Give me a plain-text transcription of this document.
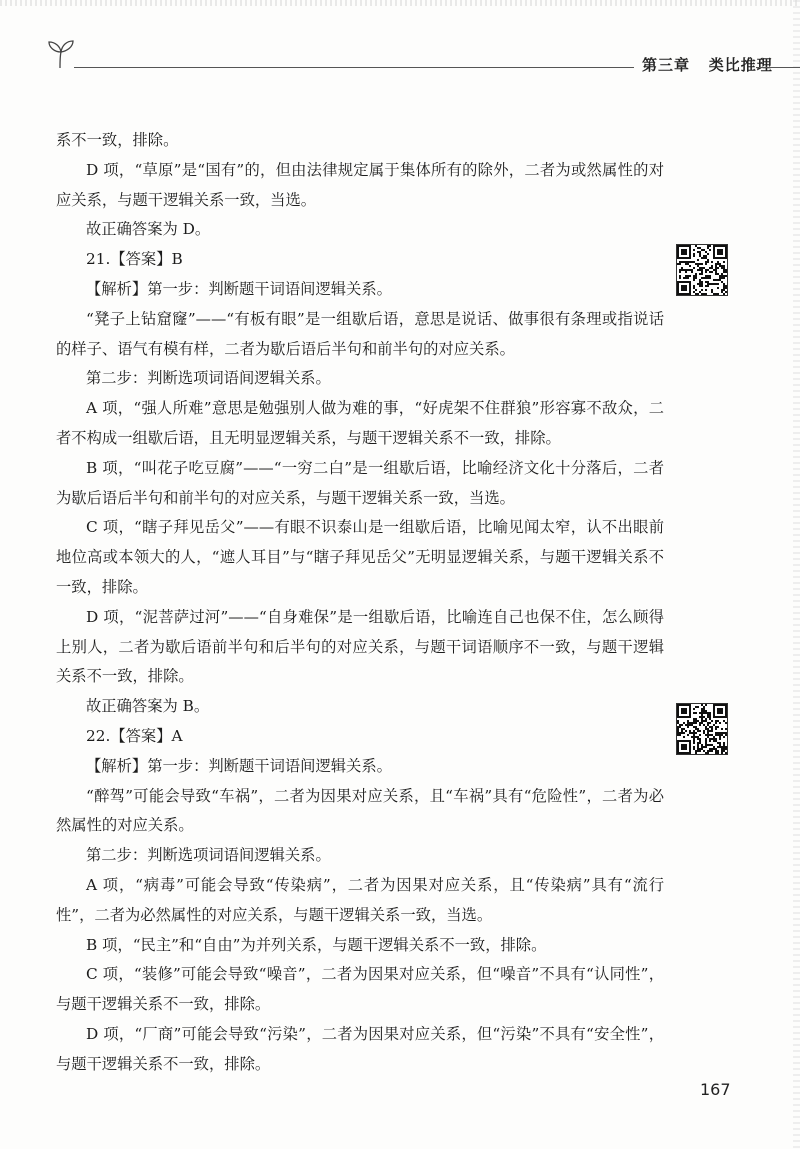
第三章 类比推理

系不一致，排除。

D 项，“草原”是“国有”的，但由法律规定属于集体所有的除外，二者为或然属性的对应关系，与题干逻辑关系一致，当选。

故正确答案为 D。

21.【答案】B

【解析】第一步：判断题干词语间逻辑关系。

“凳子上钻窟窿”——“有板有眼”是一组歇后语，意思是说话、做事很有条理或指说话的样子、语气有模有样，二者为歇后语后半句和前半句的对应关系。

第二步：判断选项词语间逻辑关系。

A 项，“强人所难”意思是勉强别人做为难的事，“好虎架不住群狼”形容寡不敌众，二者不构成一组歇后语，且无明显逻辑关系，与题干逻辑关系不一致，排除。

B 项，“叫花子吃豆腐”——“一穷二白”是一组歇后语，比喻经济文化十分落后，二者为歇后语后半句和前半句的对应关系，与题干逻辑关系一致，当选。

C 项，“瞎子拜见岳父”——有眼不识泰山是一组歇后语，比喻见闻太窄，认不出眼前地位高或本领大的人，“遮人耳目”与“瞎子拜见岳父”无明显逻辑关系，与题干逻辑关系不一致，排除。

D 项，“泥菩萨过河”——“自身难保”是一组歇后语，比喻连自己也保不住，怎么顾得上别人，二者为歇后语前半句和后半句的对应关系，与题干词语顺序不一致，与题干逻辑关系不一致，排除。

故正确答案为 B。

22.【答案】A

【解析】第一步：判断题干词语间逻辑关系。

“醉驾”可能会导致“车祸”，二者为因果对应关系，且“车祸”具有“危险性”，二者为必然属性的对应关系。

第二步：判断选项词语间逻辑关系。

A 项，“病毒”可能会导致“传染病”，二者为因果对应关系，且“传染病”具有“流行性”，二者为必然属性的对应关系，与题干逻辑关系一致，当选。

B 项，“民主”和“自由”为并列关系，与题干逻辑关系不一致，排除。

C 项，“装修”可能会导致“噪音”，二者为因果对应关系，但“噪音”不具有“认同性”，与题干逻辑关系不一致，排除。

D 项，“厂商”可能会导致“污染”，二者为因果对应关系，但“污染”不具有“安全性”，与题干逻辑关系不一致，排除。

167
